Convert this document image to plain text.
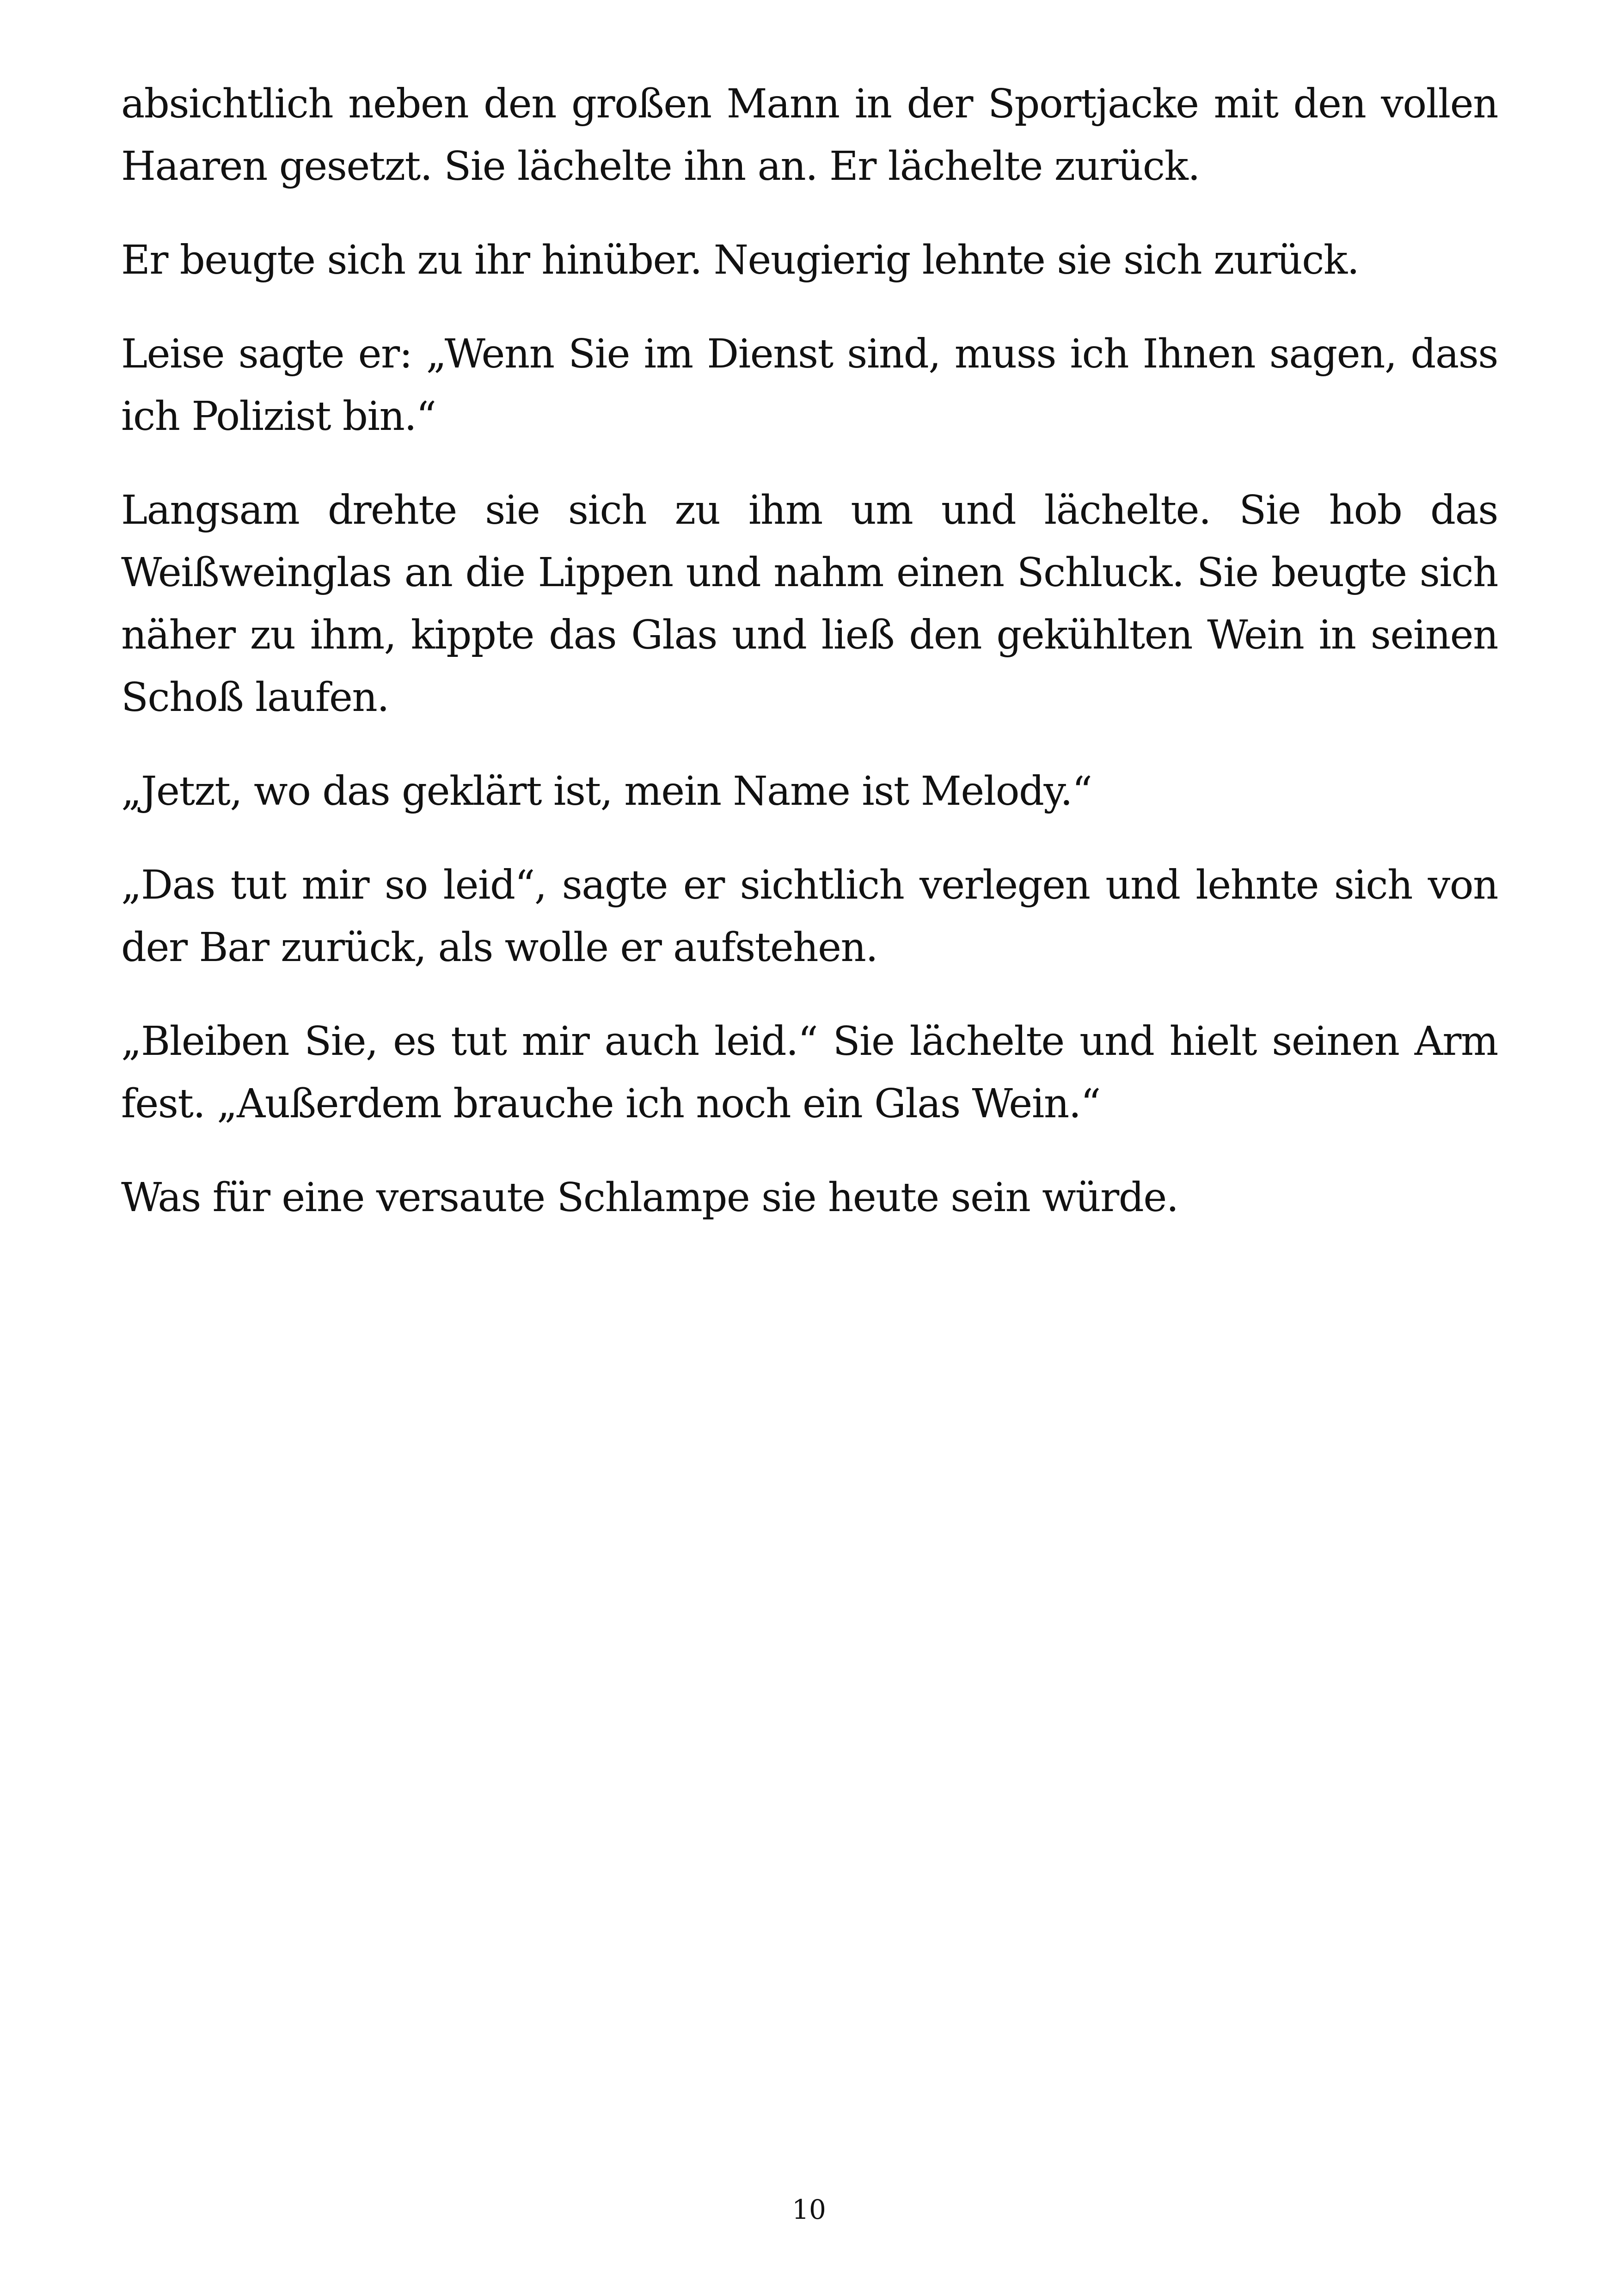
absichtlich neben den großen Mann in der Sportjacke mit den vollen Haaren gesetzt. Sie lächelte ihn an. Er lächelte zurück.

Er beugte sich zu ihr hinüber. Neugierig lehnte sie sich zurück.

Leise sagte er: „Wenn Sie im Dienst sind, muss ich Ihnen sagen, dass ich Polizist bin.“

Langsam drehte sie sich zu ihm um und lächelte. Sie hob das Weißweinglas an die Lippen und nahm einen Schluck. Sie beugte sich näher zu ihm, kippte das Glas und ließ den gekühlten Wein in seinen Schoß laufen.

„Jetzt, wo das geklärt ist, mein Name ist Melody.“

„Das tut mir so leid“, sagte er sichtlich verlegen und lehnte sich von der Bar zurück, als wolle er aufstehen.

„Bleiben Sie, es tut mir auch leid.“ Sie lächelte und hielt seinen Arm fest. „Außerdem brauche ich noch ein Glas Wein.“

Was für eine versaute Schlampe sie heute sein würde.

10
